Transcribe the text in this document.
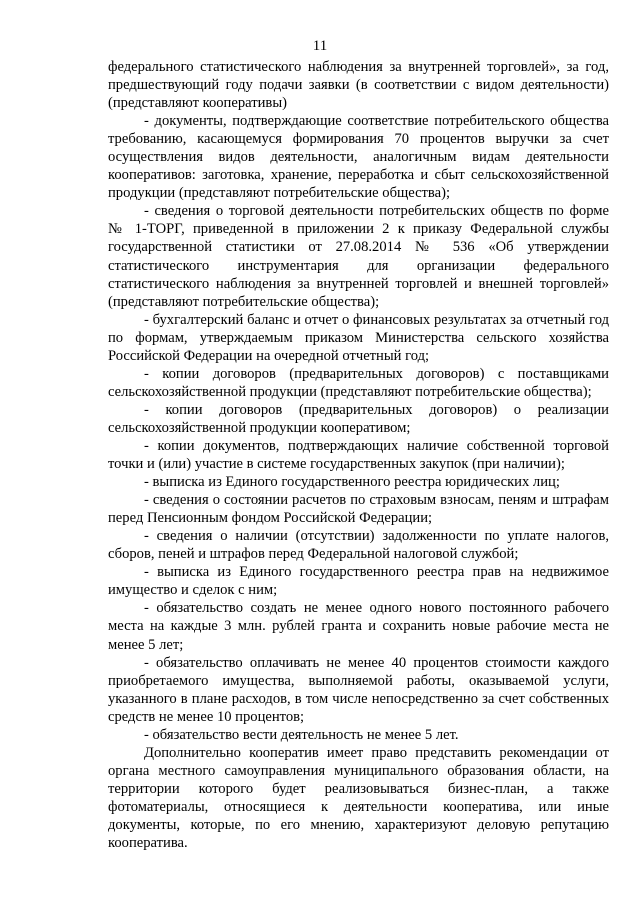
11

федерального статистического наблюдения за внутренней торговлей», за год, предшествующий году подачи заявки (в соответствии с видом деятельности) (представляют кооперативы)

- документы, подтверждающие соответствие потребительского общества требованию, касающемуся формирования 70 процентов выручки за счет осуществления видов деятельности, аналогичным видам деятельности кооперативов: заготовка, хранение, переработка и сбыт сельскохозяйственной продукции (представляют потребительские общества);

- сведения о торговой деятельности потребительских обществ по форме № 1-ТОРГ, приведенной в приложении 2 к приказу Федеральной службы государственной статистики от 27.08.2014 № 536 «Об утверждении статистического инструментария для организации федерального статистического наблюдения за внутренней торговлей и внешней торговлей» (представляют потребительские общества);

- бухгалтерский баланс и отчет о финансовых результатах за отчетный год по формам, утверждаемым приказом Министерства сельского хозяйства Российской Федерации на очередной отчетный год;

- копии договоров (предварительных договоров) с поставщиками сельскохозяйственной продукции (представляют потребительские общества);

- копии договоров (предварительных договоров) о реализации сельскохозяйственной продукции кооперативом;

- копии документов, подтверждающих наличие собственной торговой точки и (или) участие в системе государственных закупок (при наличии);

- выписка из Единого государственного реестра юридических лиц;

- сведения о состоянии расчетов по страховым взносам, пеням и штрафам перед Пенсионным фондом Российской Федерации;

- сведения о наличии (отсутствии) задолженности по уплате налогов, сборов, пеней и штрафов перед Федеральной налоговой службой;

- выписка из Единого государственного реестра прав на недвижимое имущество и сделок с ним;

- обязательство создать не менее одного нового постоянного рабочего места на каждые 3 млн. рублей гранта и сохранить новые рабочие места не менее 5 лет;

- обязательство оплачивать не менее 40 процентов стоимости каждого приобретаемого имущества, выполняемой работы, оказываемой услуги, указанного в плане расходов, в том числе непосредственно за счет собственных средств не менее 10 процентов;

- обязательство вести деятельность не менее 5 лет.

Дополнительно кооператив имеет право представить рекомендации от органа местного самоуправления муниципального образования области, на территории которого будет реализовываться бизнес-план, а также фотоматериалы, относящиеся к деятельности кооператива, или иные документы, которые, по его мнению, характеризуют деловую репутацию кооператива.
